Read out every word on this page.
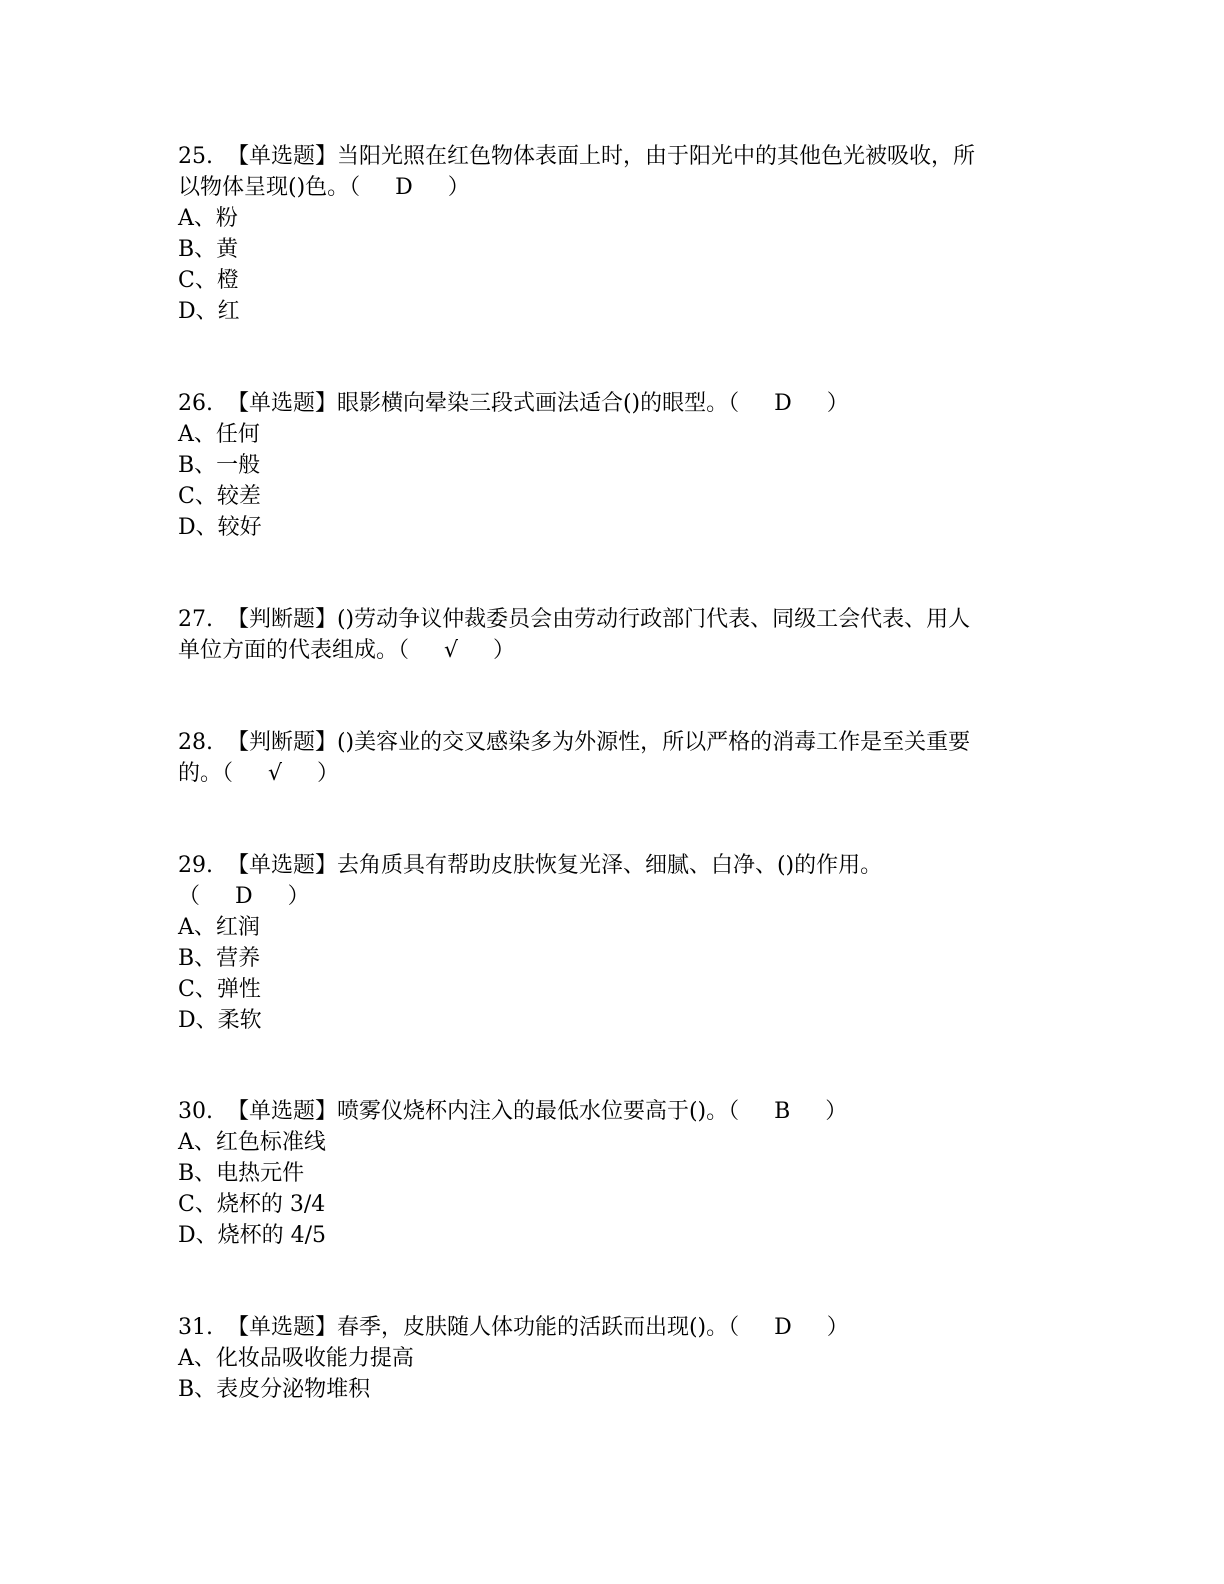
25.  【单选题】当阳光照在红色物体表面上时，由于阳光中的其他色光被吸收，所
以物体呈现()色。（     D     ）
A、粉
B、黄
C、橙
D、红
26.  【单选题】眼影横向晕染三段式画法适合()的眼型。（     D     ）
A、任何
B、一般
C、较差
D、较好
27.  【判断题】()劳动争议仲裁委员会由劳动行政部门代表、同级工会代表、用人
单位方面的代表组成。（     √     ）
28.  【判断题】()美容业的交叉感染多为外源性，所以严格的消毒工作是至关重要
的。（     √     ）
29.  【单选题】去角质具有帮助皮肤恢复光泽、细腻、白净、()的作用。
（     D     ）
A、红润
B、营养
C、弹性
D、柔软
30.  【单选题】喷雾仪烧杯内注入的最低水位要高于()。（     B     ）
A、红色标准线
B、电热元件
C、烧杯的 3/4
D、烧杯的 4/5
31.  【单选题】春季，皮肤随人体功能的活跃而出现()。（     D     ）
A、化妆品吸收能力提高
B、表皮分泌物堆积
